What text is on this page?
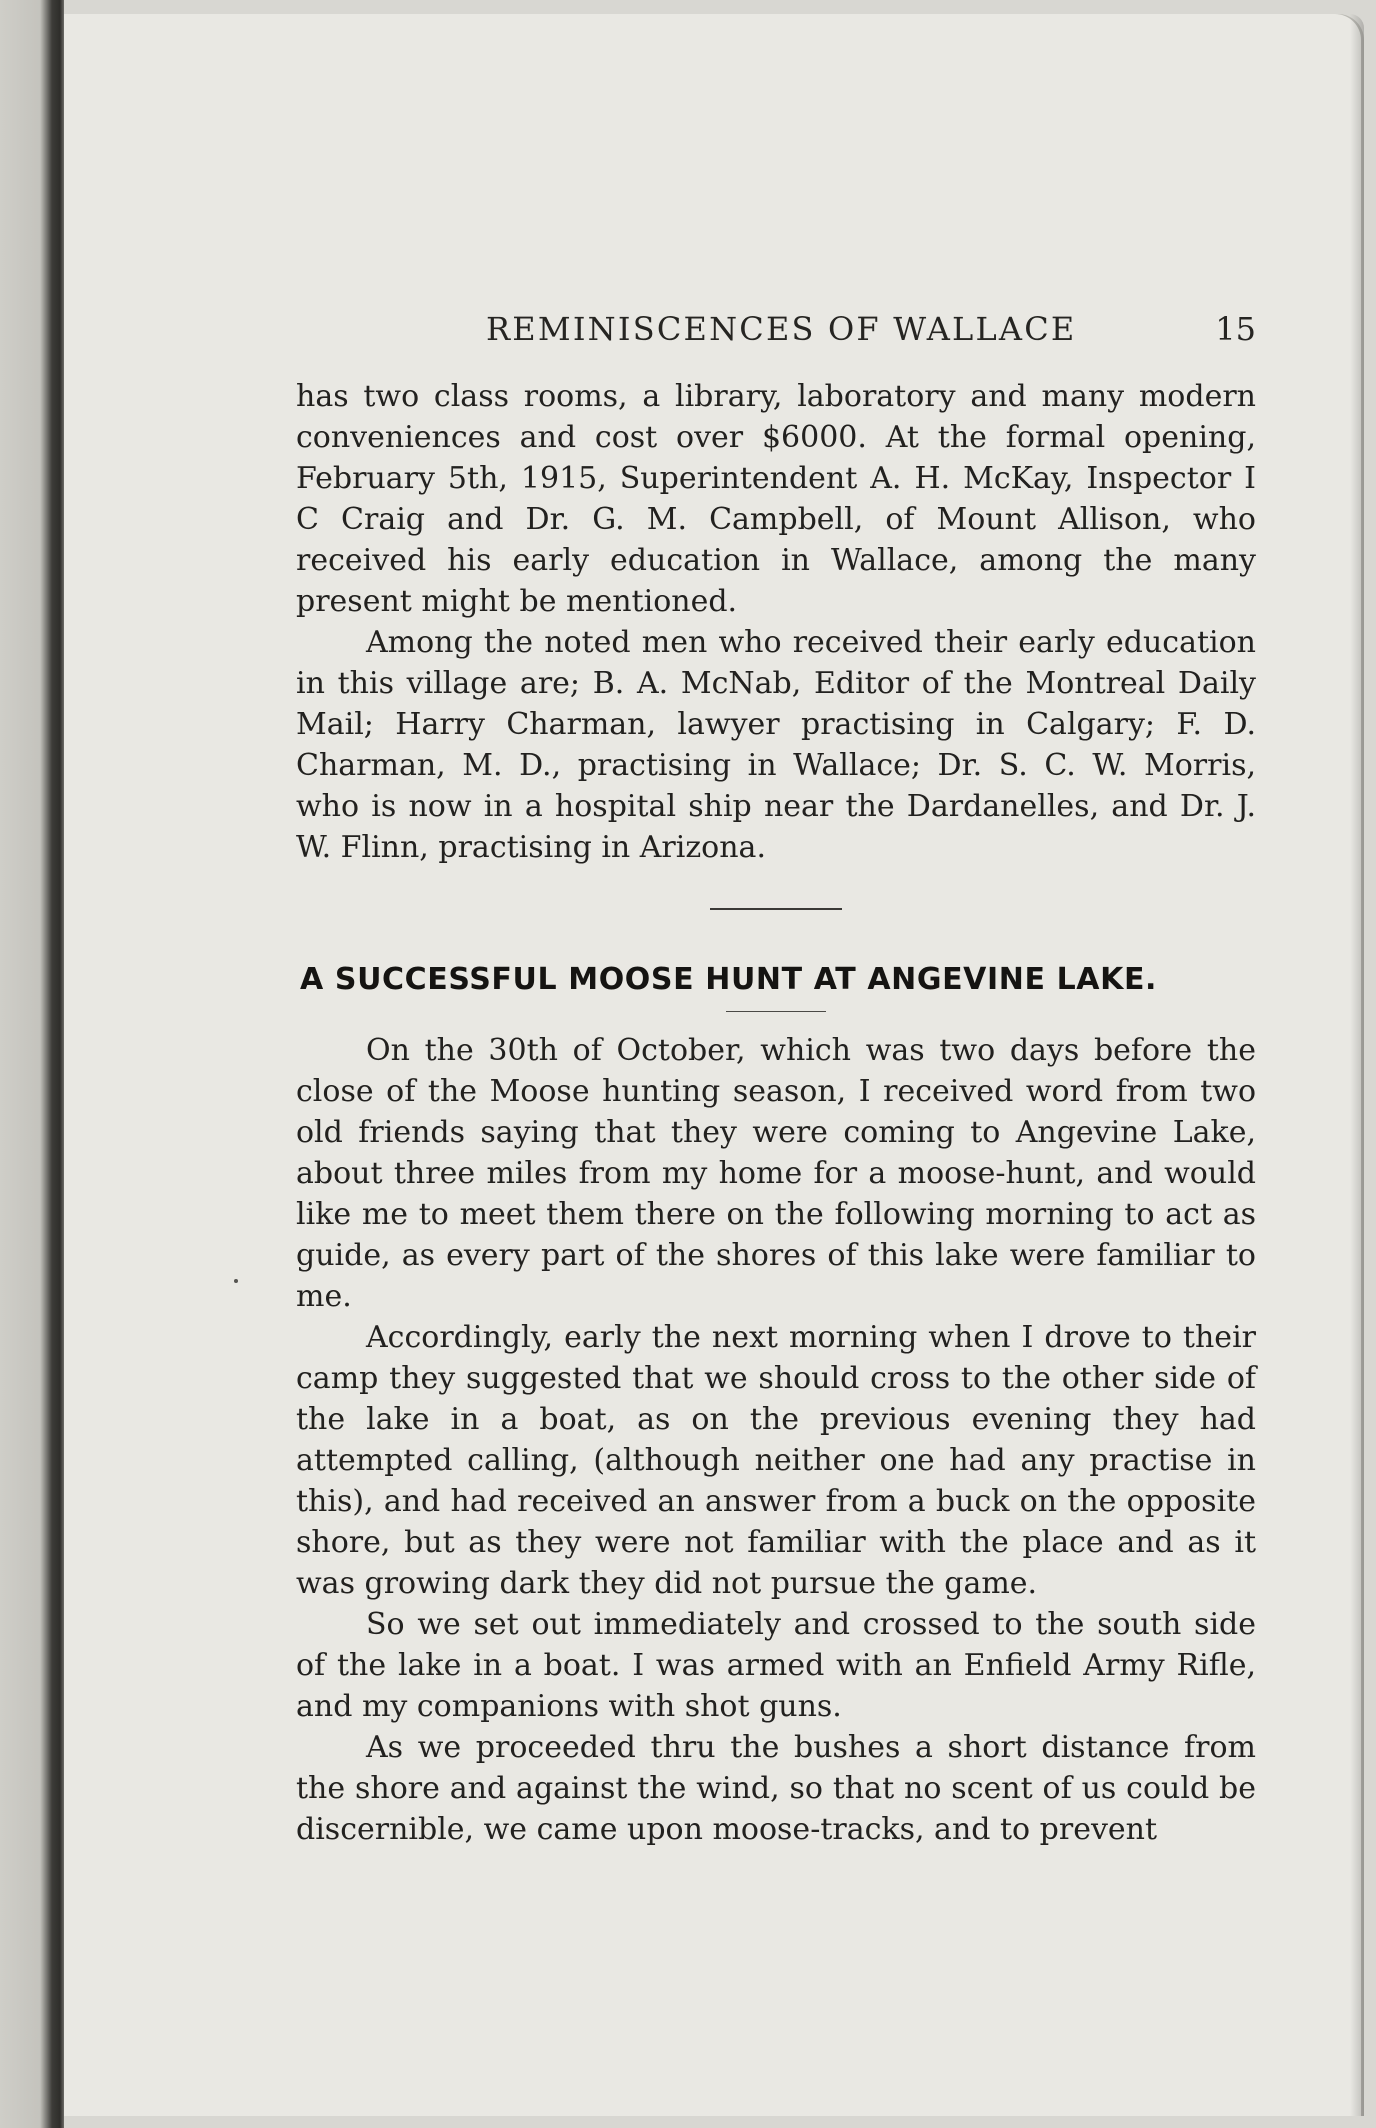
REMINISCENCES OF WALLACE	15

has two class rooms, a library, laboratory and many modern conveniences and cost over $6000. At the formal opening, February 5th, 1915, Superintendent A. H. McKay, Inspector I C Craig and Dr. G. M. Campbell, of Mount Allison, who received his early education in Wallace, among the many present might be mentioned.

Among the noted men who received their early education in this village are; B. A. McNab, Editor of the Montreal Daily Mail; Harry Charman, lawyer practising in Calgary; F. D. Charman, M. D., practising in Wallace; Dr. S. C. W. Morris, who is now in a hospital ship near the Dardanelles, and Dr. J. W. Flinn, practising in Arizona.

A SUCCESSFUL MOOSE HUNT AT ANGEVINE LAKE.

On the 30th of October, which was two days before the close of the Moose hunting season, I received word from two old friends saying that they were coming to Angevine Lake, about three miles from my home for a moose-hunt, and would like me to meet them there on the following morning to act as guide, as every part of the shores of this lake were familiar to me.

Accordingly, early the next morning when I drove to their camp they suggested that we should cross to the other side of the lake in a boat, as on the previous evening they had attempted calling, (although neither one had any practise in this), and had received an answer from a buck on the opposite shore, but as they were not familiar with the place and as it was growing dark they did not pursue the game.

So we set out immediately and crossed to the south side of the lake in a boat. I was armed with an Enfield Army Rifle, and my companions with shot guns.

As we proceeded thru the bushes a short distance from the shore and against the wind, so that no scent of us could be discernible, we came upon moose-tracks, and to prevent
